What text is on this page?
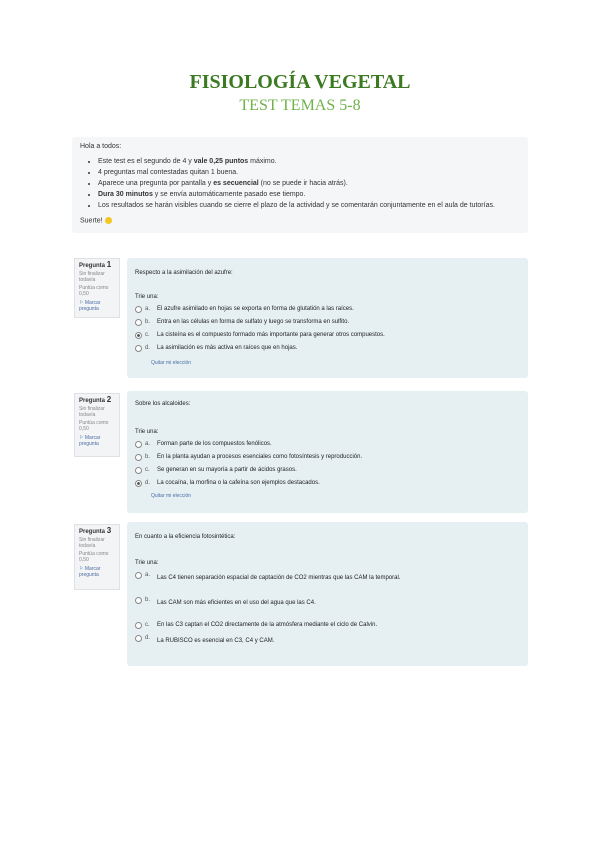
FISIOLOGÍA VEGETAL
TEST TEMAS 5-8
Hola a todos:
• Este test es el segundo de 4 y vale 0,25 puntos máximo.
• 4 preguntas mal contestadas quitan 1 buena.
• Aparece una pregunta por pantalla y es secuencial (no se puede ir hacia atrás).
• Dura 30 minutos y se envía automáticamente pasado ese tiempo.
• Los resultados se harán visibles cuando se cierre el plazo de la actividad y se comentarán conjuntamente en el aula de tutorías.
Suerte!
Pregunta 1
Sin finalizar todavía
Puntúa como 0,50
⚐ Marcar pregunta
Respecto a la asimilación del azufre:
Trie una:
a.	El azufre asimilado en hojas se exporta en forma de glutatión a las raíces.
b.	Entra en las células en forma de sulfato y luego se transforma en sulfito.
c.	La cisteína es el compuesto formado más importante para generar otros compuestos.
d.	La asimilación es más activa en raíces que en hojas.
Quitar mi elección
Pregunta 2
Sin finalizar todavía
Puntúa como 0,50
⚐ Marcar pregunta
Sobre los alcaloides:
Trie una:
a.	Forman parte de los compuestos fenólicos.
b.	En la planta ayudan a procesos esenciales como fotosíntesis y reproducción.
c.	Se generan en su mayoría a partir de ácidos grasos.
d.	La cocaína, la morfina o la cafeína son ejemplos destacados.
Quitar mi elección
Pregunta 3
Sin finalizar todavía
Puntúa como 0,50
⚐ Marcar pregunta
En cuanto a la eficiencia fotosintética:
Trie una:
a.	Las C4 tienen separación espacial de captación de CO2 mientras que las CAM la temporal.
b.	Las CAM son más eficientes en el uso del agua que las C4.
c.	En las C3 captan el CO2 directamente de la atmósfera mediante el ciclo de Calvin.
d.	La RUBISCO es esencial en C3, C4 y CAM.
